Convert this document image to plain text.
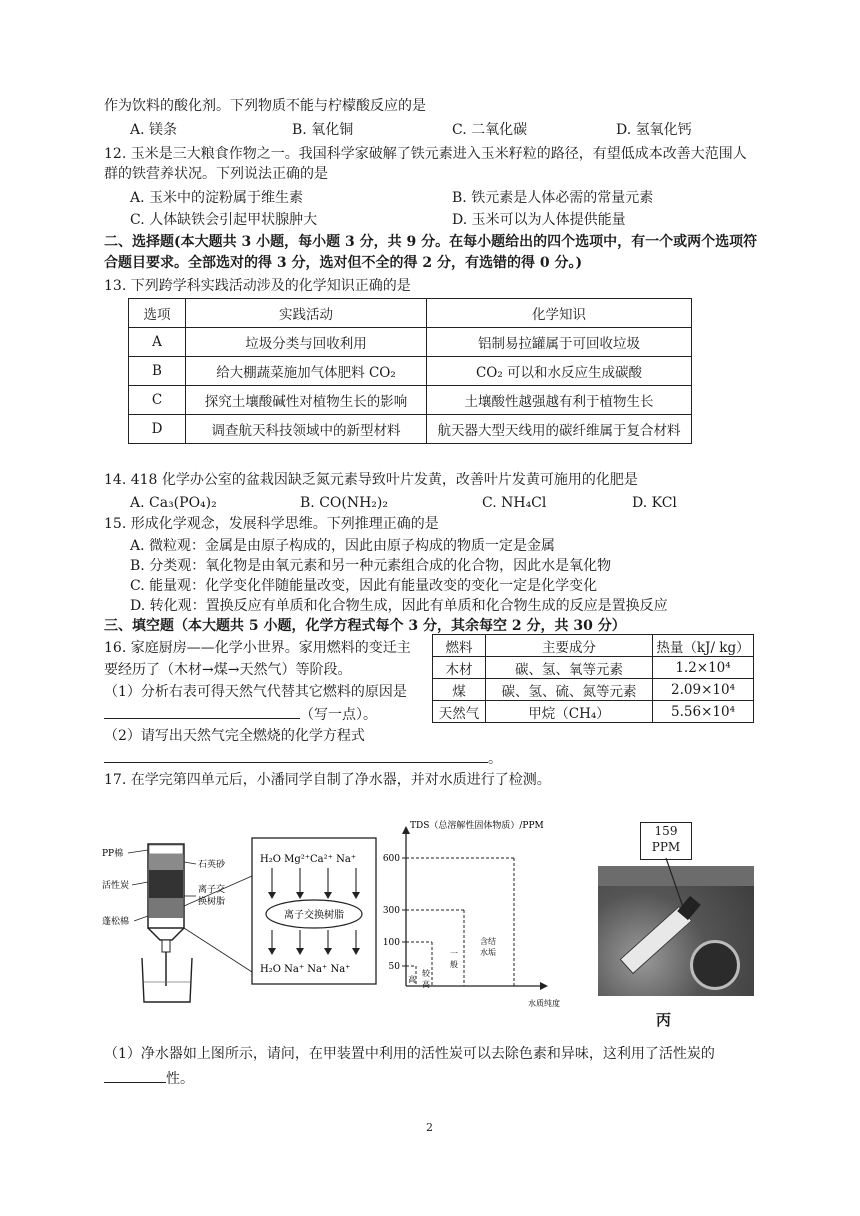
作为饮料的酸化剂。下列物质不能与柠檬酸反应的是
A. 镁条	B. 氧化铜	C. 二氧化碳	D. 氢氧化钙
12. 玉米是三大粮食作物之一。我国科学家破解了铁元素进入玉米籽粒的路径，有望低成本改善大范围人
群的铁营养状况。下列说法正确的是
A. 玉米中的淀粉属于维生素	B. 铁元素是人体必需的常量元素
C. 人体缺铁会引起甲状腺肿大	D. 玉米可以为人体提供能量
二、选择题(本大题共 3 小题，每小题 3 分，共 9 分。在每小题给出的四个选项中，有一个或两个选项符
合题目要求。全部选对的得 3 分，选对但不全的得 2 分，有选错的得 0 分。)
13. 下列跨学科实践活动涉及的化学知识正确的是
选项	实践活动	化学知识
A	垃圾分类与回收利用	铝制易拉罐属于可回收垃圾
B	给大棚蔬菜施加气体肥料 CO₂	CO₂ 可以和水反应生成碳酸
C	探究土壤酸碱性对植物生长的影响	土壤酸性越强越有利于植物生长
D	调查航天科技领域中的新型材料	航天器大型天线用的碳纤维属于复合材料
14. 418 化学办公室的盆栽因缺乏氮元素导致叶片发黄，改善叶片发黄可施用的化肥是
A. Ca₃(PO₄)₂	B. CO(NH₂)₂	C. NH₄Cl	D. KCl
15. 形成化学观念，发展科学思维。下列推理正确的是
A. 微粒观：金属是由原子构成的，因此由原子构成的物质一定是金属
B. 分类观：氧化物是由氧元素和另一种元素组合成的化合物，因此水是氧化物
C. 能量观：化学变化伴随能量改变，因此有能量改变的变化一定是化学变化
D. 转化观：置换反应有单质和化合物生成，因此有单质和化合物生成的反应是置换反应
三、填空题（本大题共 5 小题，化学方程式每个 3 分，其余每空 2 分，共 30 分）
16. 家庭厨房——化学小世界。家用燃料的变迁主
要经历了（木材→煤→天然气）等阶段。
（1）分析右表可得天然气代替其它燃料的原因是
（写一点）。
（2）请写出天然气完全燃烧的化学方程式
。
燃料	主要成分	热量（kJ/ kg）
木材	碳、氢、氧等元素	1.2×10⁴
煤	碳、氢、硫、氮等元素	2.09×10⁴
天然气	甲烷（CH₄）	5.56×10⁴
17. 在学完第四单元后，小潘同学自制了净水器，并对水质进行了检测。
PP棉
活性炭
蓬松棉
石英砂
离子交
换树脂
H₂O Mg²⁺Ca²⁺ Na⁺
离子交换树脂
H₂O Na⁺ Na⁺ Na⁺	50
100
300
600
高
较
高
一
般
含结
水垢
TDS（总溶解性固体物质）/PPM
水质纯度
159
PPM
丙
（1）净水器如上图所示，请问，在甲装置中利用的活性炭可以去除色素和异味，这利用了活性炭的
性。
2
